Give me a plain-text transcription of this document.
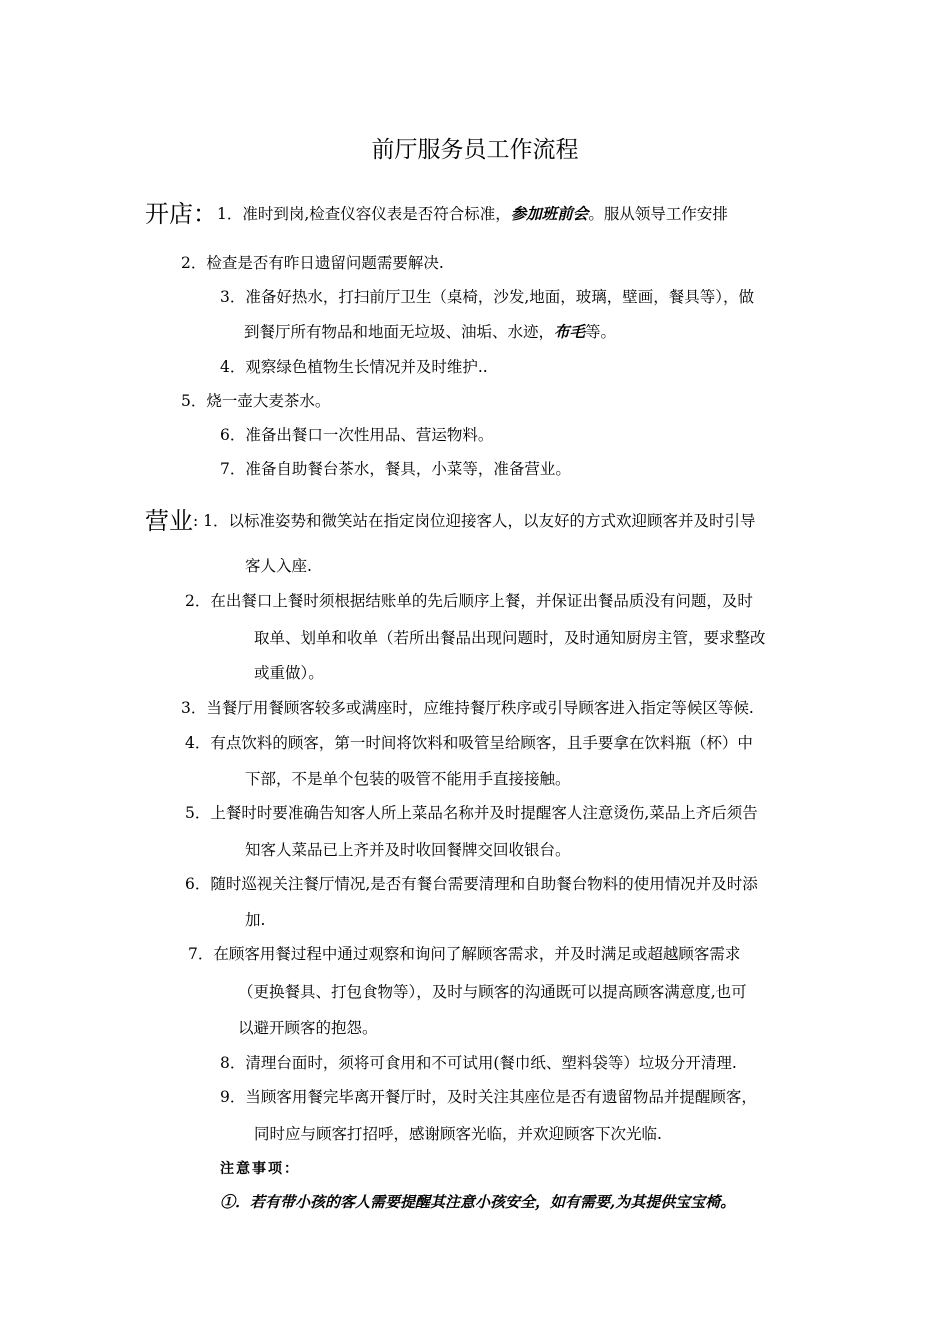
前厅服务员工作流程
开店：1．准时到岗,检查仪容仪表是否符合标准，参加班前会。服从领导工作安排
2．检查是否有昨日遗留问题需要解决.
3．准备好热水，打扫前厅卫生（桌椅，沙发,地面，玻璃，壁画，餐具等），做
到餐厅所有物品和地面无垃圾、油垢、水迹，布毛等。
4．观察绿色植物生长情况并及时维护..
5．烧一壶大麦茶水。
6．准备出餐口一次性用品、营运物料。
7．准备自助餐台茶水，餐具，小菜等，准备营业。
营业: 1．以标准姿势和微笑站在指定岗位迎接客人，以友好的方式欢迎顾客并及时引导
客人入座.
2．在出餐口上餐时须根据结账单的先后顺序上餐，并保证出餐品质没有问题，及时
取单、划单和收单（若所出餐品出现问题时，及时通知厨房主管，要求整改
或重做）。
3．当餐厅用餐顾客较多或满座时，应维持餐厅秩序或引导顾客进入指定等候区等候.
4．有点饮料的顾客，第一时间将饮料和吸管呈给顾客，且手要拿在饮料瓶（杯）中
下部，不是单个包装的吸管不能用手直接接触。
5．上餐时时要准确告知客人所上菜品名称并及时提醒客人注意烫伤,菜品上齐后须告
知客人菜品已上齐并及时收回餐牌交回收银台。
6．随时巡视关注餐厅情况,是否有餐台需要清理和自助餐台物料的使用情况并及时添
加.
7．在顾客用餐过程中通过观察和询问了解顾客需求，并及时满足或超越顾客需求
（更换餐具、打包食物等），及时与顾客的沟通既可以提高顾客满意度,也可
以避开顾客的抱怨。
8．清理台面时，须将可食用和不可试用(餐巾纸、塑料袋等）垃圾分开清理.
9．当顾客用餐完毕离开餐厅时，及时关注其座位是否有遗留物品并提醒顾客，
同时应与顾客打招呼，感谢顾客光临，并欢迎顾客下次光临.
注意事项：
①．若有带小孩的客人需要提醒其注意小孩安全，如有需要,为其提供宝宝椅。
